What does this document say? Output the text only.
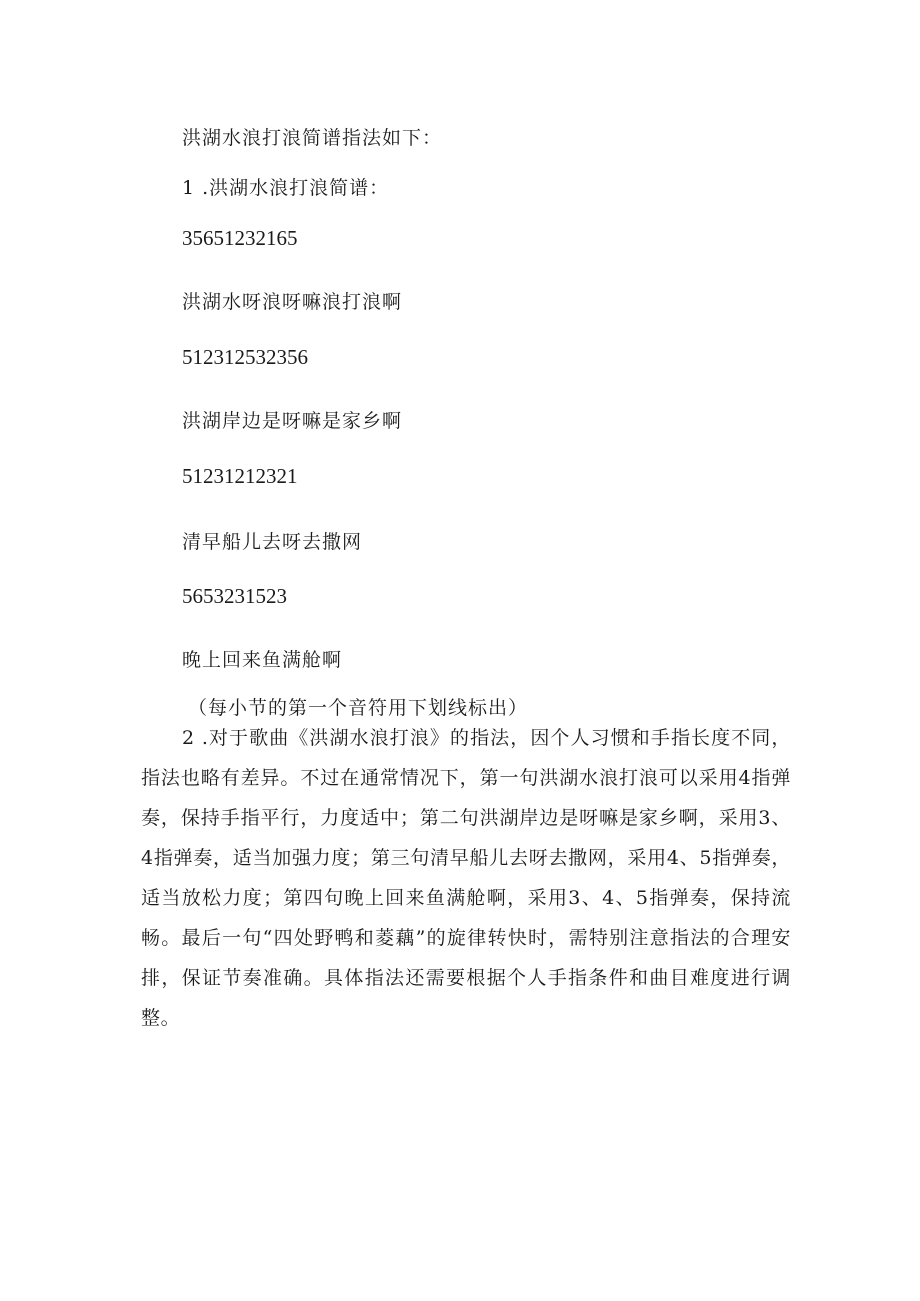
洪湖水浪打浪简谱指法如下：
1 .洪湖水浪打浪简谱：
35651232165
洪湖水呀浪呀嘛浪打浪啊
512312532356
洪湖岸边是呀嘛是家乡啊
51231212321
清早船儿去呀去撒网
5653231523
晚上回来鱼满舱啊
（每小节的第一个音符用下划线标出）
2 .对于歌曲《洪湖水浪打浪》的指法，因个人习惯和手指长度不同，指法也略有差异。不过在通常情况下，第一句洪湖水浪打浪可以采用4指弹奏，保持手指平行，力度适中；第二句洪湖岸边是呀嘛是家乡啊，采用3、4指弹奏，适当加强力度；第三句清早船儿去呀去撒网，采用4、5指弹奏，适当放松力度；第四句晚上回来鱼满舱啊，采用3、4、5指弹奏，保持流畅。最后一句“四处野鸭和菱藕”的旋律转快时，需特别注意指法的合理安排，保证节奏准确。具体指法还需要根据个人手指条件和曲目难度进行调整。
